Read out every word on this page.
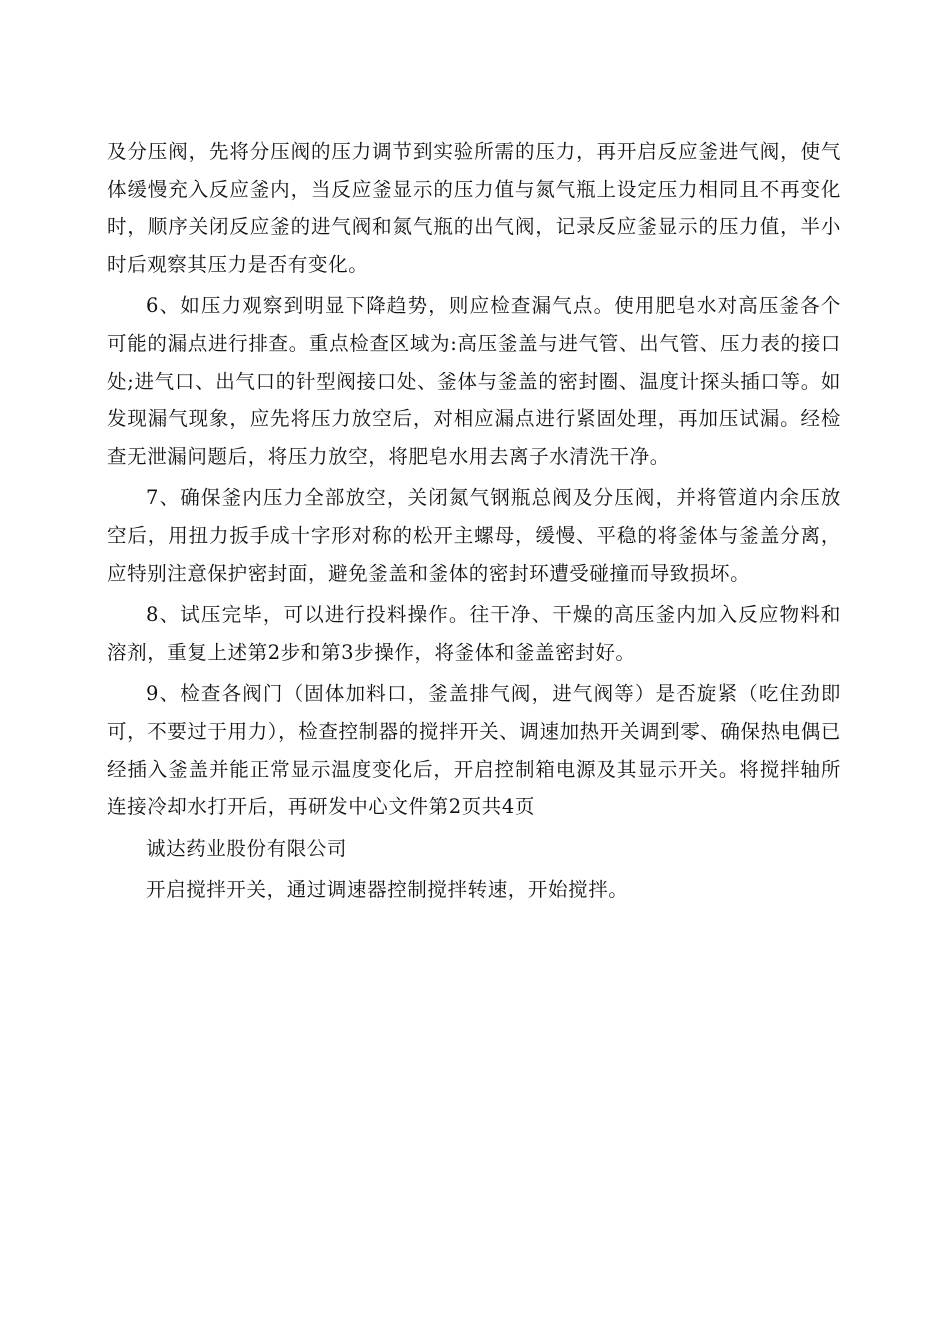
及分压阀，先将分压阀的压力调节到实验所需的压力，再开启反应釜进气阀，使气体缓慢充入反应釜内，当反应釜显示的压力值与氮气瓶上设定压力相同且不再变化时，顺序关闭反应釜的进气阀和氮气瓶的出气阀，记录反应釜显示的压力值，半小时后观察其压力是否有变化。

6、如压力观察到明显下降趋势，则应检查漏气点。使用肥皂水对高压釜各个可能的漏点进行排查。重点检查区域为:高压釜盖与进气管、出气管、压力表的接口处;进气口、出气口的针型阀接口处、釜体与釜盖的密封圈、温度计探头插口等。如发现漏气现象，应先将压力放空后，对相应漏点进行紧固处理，再加压试漏。经检查无泄漏问题后，将压力放空，将肥皂水用去离子水清洗干净。

7、确保釜内压力全部放空，关闭氮气钢瓶总阀及分压阀，并将管道内余压放空后，用扭力扳手成十字形对称的松开主螺母，缓慢、平稳的将釜体与釜盖分离，应特别注意保护密封面，避免釜盖和釜体的密封环遭受碰撞而导致损坏。

8、试压完毕，可以进行投料操作。往干净、干燥的高压釜内加入反应物料和溶剂，重复上述第2步和第3步操作，将釜体和釜盖密封好。

9、检查各阀门（固体加料口，釜盖排气阀，进气阀等）是否旋紧（吃住劲即可，不要过于用力），检查控制器的搅拌开关、调速加热开关调到零、确保热电偶已经插入釜盖并能正常显示温度变化后，开启控制箱电源及其显示开关。将搅拌轴所连接冷却水打开后，再研发中心文件第2页共4页

诚达药业股份有限公司

开启搅拌开关，通过调速器控制搅拌转速，开始搅拌。
